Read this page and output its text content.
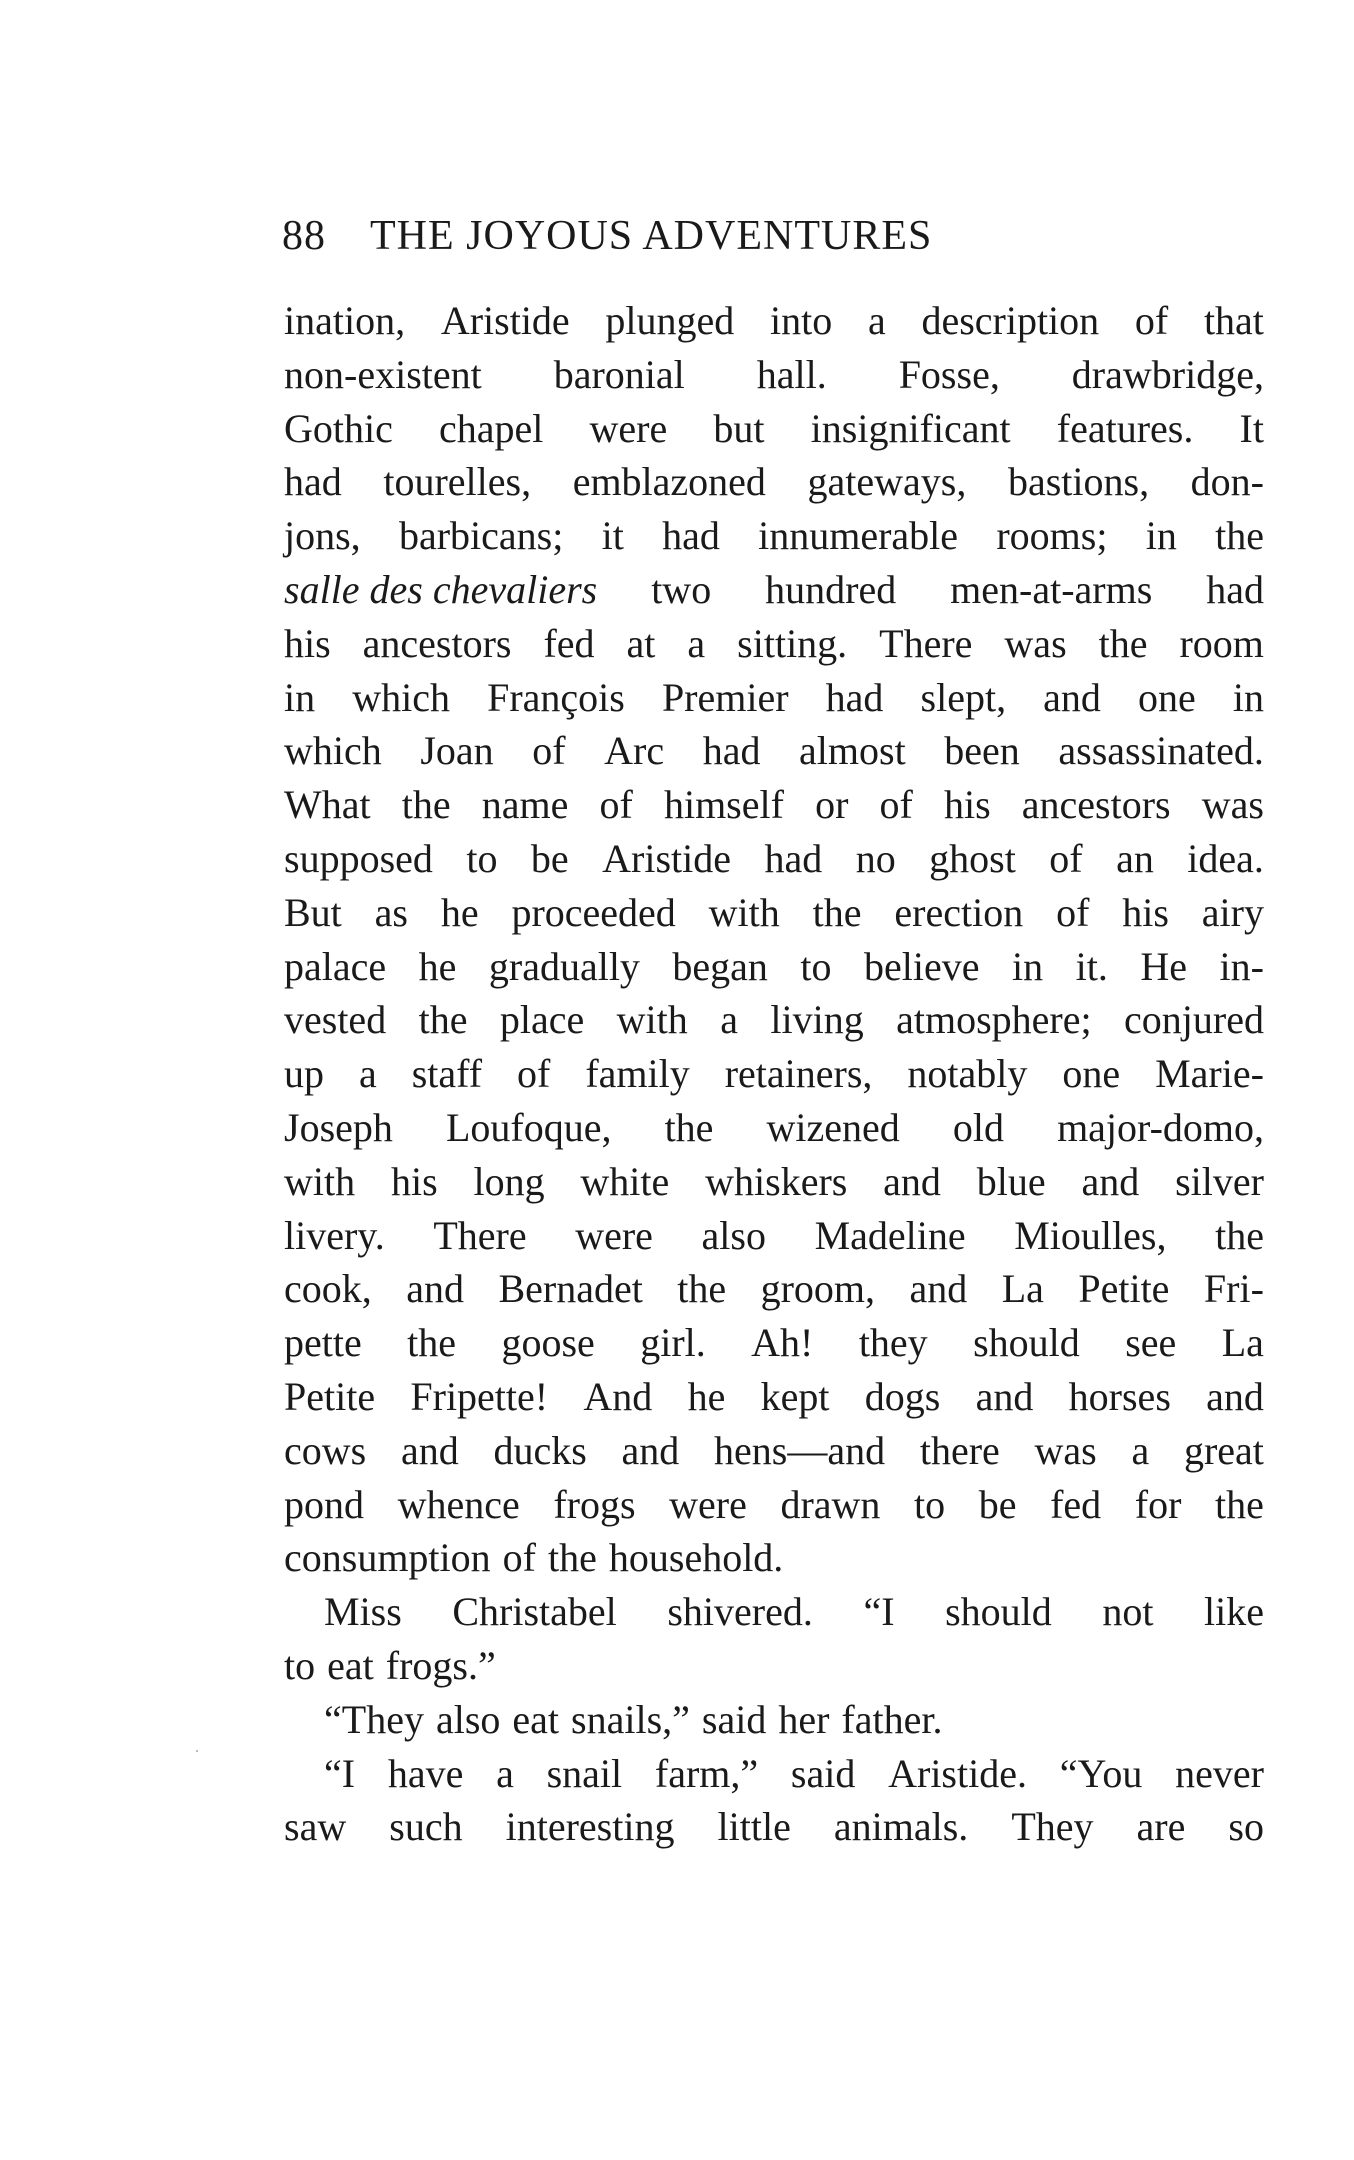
88 THE JOYOUS ADVENTURES
ination, Aristide plunged into a description of that
non-existent baronial hall. Fosse, drawbridge,
Gothic chapel were but insignificant features. It
had tourelles, emblazoned gateways, bastions, don-
jons, barbicans; it had innumerable rooms; in the
salle des chevaliers two hundred men-at-arms had
his ancestors fed at a sitting. There was the room
in which François Premier had slept, and one in
which Joan of Arc had almost been assassinated.
What the name of himself or of his ancestors was
supposed to be Aristide had no ghost of an idea.
But as he proceeded with the erection of his airy
palace he gradually began to believe in it. He in-
vested the place with a living atmosphere; conjured
up a staff of family retainers, notably one Marie-
Joseph Loufoque, the wizened old major-domo,
with his long white whiskers and blue and silver
livery. There were also Madeline Mioulles, the
cook, and Bernadet the groom, and La Petite Fri-
pette the goose girl. Ah! they should see La
Petite Fripette! And he kept dogs and horses and
cows and ducks and hens—and there was a great
pond whence frogs were drawn to be fed for the
consumption of the household.
Miss Christabel shivered. “I should not like
to eat frogs.”
“They also eat snails,” said her father.
“I have a snail farm,” said Aristide. “You never
saw such interesting little animals. They are so
